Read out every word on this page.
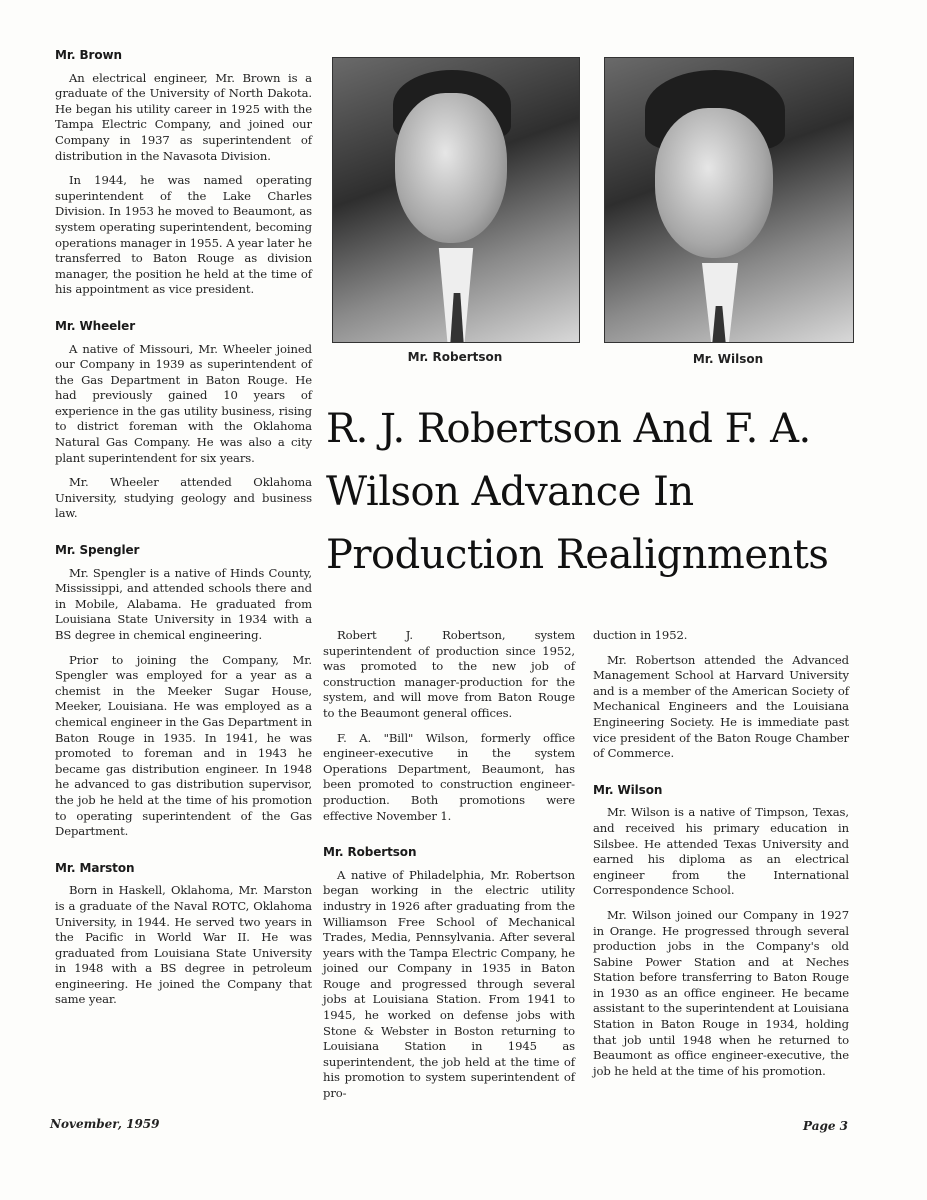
Mr. Brown

An electrical engineer, Mr. Brown is a graduate of the University of North Dakota. He began his utility career in 1925 with the Tampa Electric Company, and joined our Company in 1937 as superintendent of distribution in the Navasota Division.

In 1944, he was named operating superintendent of the Lake Charles Division. In 1953 he moved to Beaumont, as system operating superintendent, becoming operations manager in 1955. A year later he transferred to Baton Rouge as division manager, the position he held at the time of his appointment as vice president.

Mr. Wheeler

A native of Missouri, Mr. Wheeler joined our Company in 1939 as superintendent of the Gas Department in Baton Rouge. He had previously gained 10 years of experience in the gas utility business, rising to district foreman with the Oklahoma Natural Gas Company. He was also a city plant superintendent for six years.

Mr. Wheeler attended Oklahoma University, studying geology and business law.

Mr. Spengler

Mr. Spengler is a native of Hinds County, Mississippi, and attended schools there and in Mobile, Alabama. He graduated from Louisiana State University in 1934 with a BS degree in chemical engineering.

Prior to joining the Company, Mr. Spengler was employed for a year as a chemist in the Meeker Sugar House, Meeker, Louisiana. He was employed as a chemical engineer in the Gas Department in Baton Rouge in 1935. In 1941, he was promoted to foreman and in 1943 he became gas distribution engineer. In 1948 he advanced to gas distribution supervisor, the job he held at the time of his promotion to operating superintendent of the Gas Department.

Mr. Marston

Born in Haskell, Oklahoma, Mr. Marston is a graduate of the Naval ROTC, Oklahoma University, in 1944. He served two years in the Pacific in World War II. He was graduated from Louisiana State University in 1948 with a BS degree in petroleum engineering. He joined the Company that same year.

Mr. Robertson	Mr. Wilson
R. J. Robertson And F. A. Wilson Advance In Production Realignments

Robert J. Robertson, system superintendent of production since 1952, was promoted to the new job of construction manager-production for the system, and will move from Baton Rouge to the Beaumont general offices.

F. A. "Bill" Wilson, formerly office engineer-executive in the system Operations Department, Beaumont, has been promoted to construction engineer-production. Both promotions were effective November 1.

Mr. Robertson

A native of Philadelphia, Mr. Robertson began working in the electric utility industry in 1926 after graduating from the Williamson Free School of Mechanical Trades, Media, Pennsylvania. After several years with the Tampa Electric Company, he joined our Company in 1935 in Baton Rouge and progressed through several jobs at Louisiana Station. From 1941 to 1945, he worked on defense jobs with Stone & Webster in Boston returning to Louisiana Station in 1945 as superintendent, the job held at the time of his promotion to system superintendent of pro-

duction in 1952.

Mr. Robertson attended the Advanced Management School at Harvard University and is a member of the American Society of Mechanical Engineers and the Louisiana Engineering Society. He is immediate past vice president of the Baton Rouge Chamber of Commerce.

Mr. Wilson

Mr. Wilson is a native of Timpson, Texas, and received his primary education in Silsbee. He attended Texas University and earned his diploma as an electrical engineer from the International Correspondence School.

Mr. Wilson joined our Company in 1927 in Orange. He progressed through several production jobs in the Company's old Sabine Power Station and at Neches Station before transferring to Baton Rouge in 1930 as an office engineer. He became assistant to the superintendent at Louisiana Station in Baton Rouge in 1934, holding that job until 1948 when he returned to Beaumont as office engineer-executive, the job he held at the time of his promotion.

November, 1959	Page 3
